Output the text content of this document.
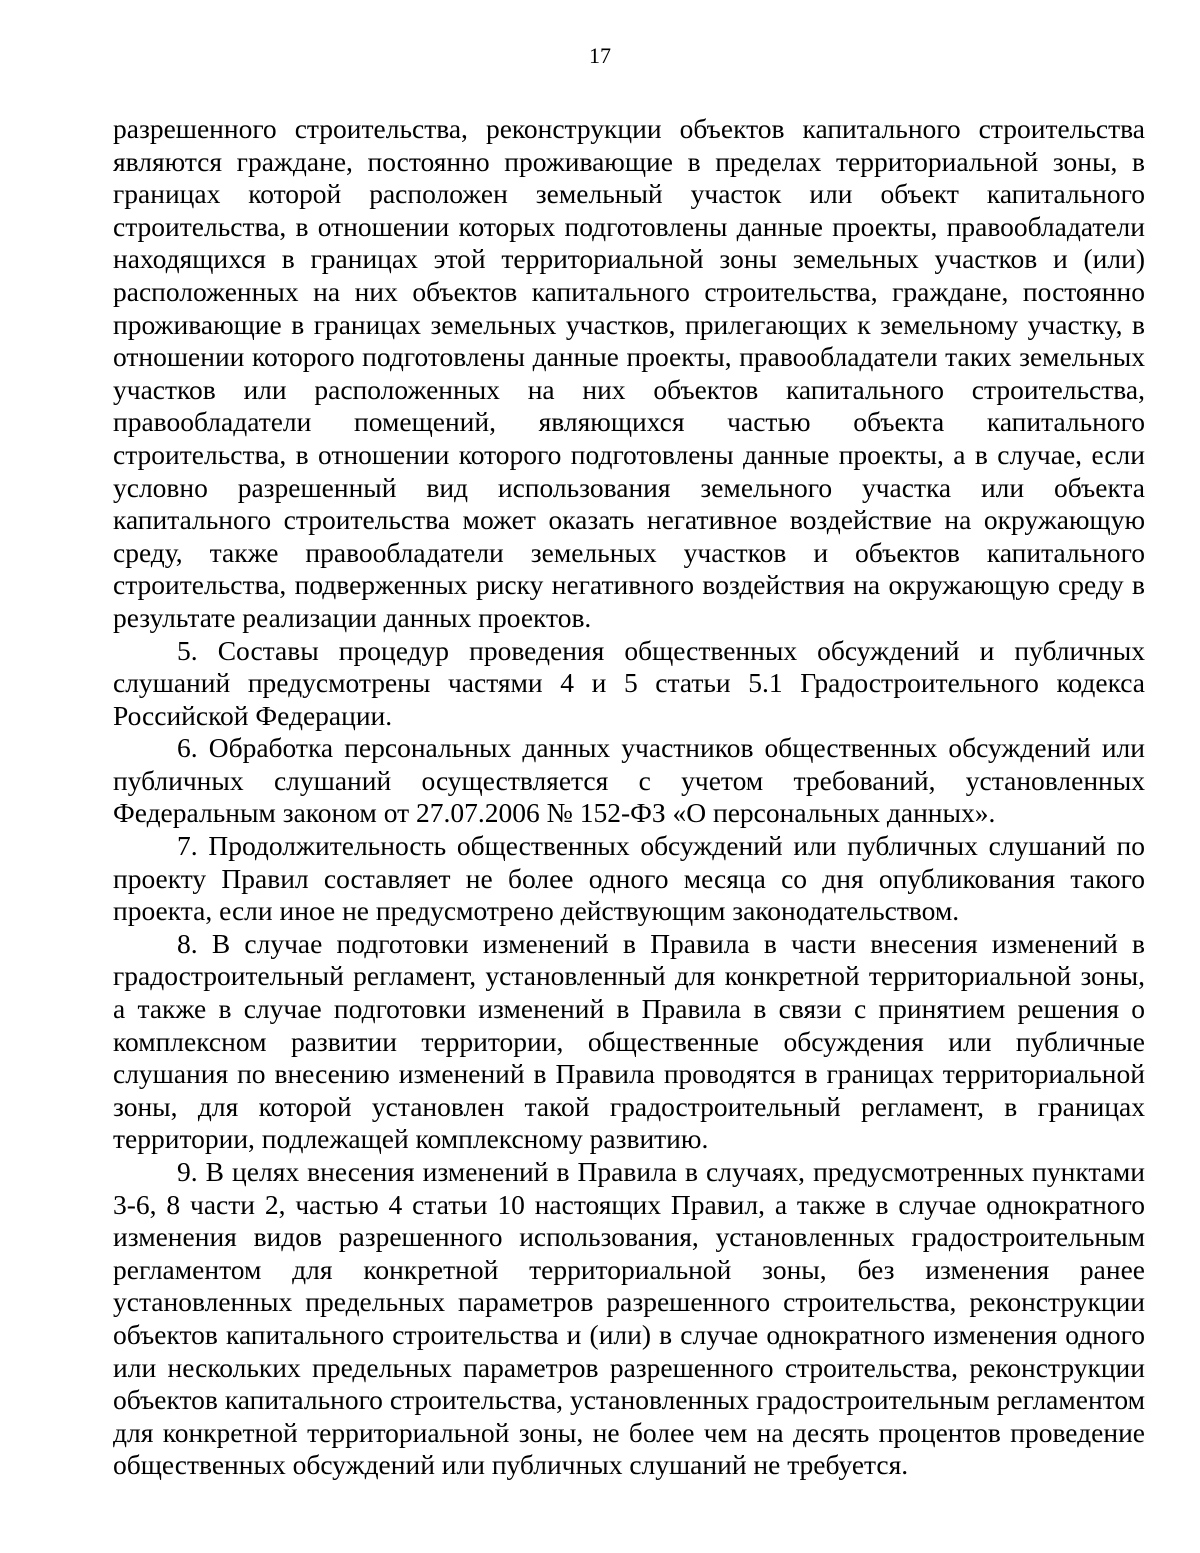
17

разрешенного строительства, реконструкции объектов капитального строительства являются граждане, постоянно проживающие в пределах территориальной зоны, в границах которой расположен земельный участок или объект капитального строительства, в отношении которых подготовлены данные проекты, правообладатели находящихся в границах этой территориальной зоны земельных участков и (или) расположенных на них объектов капитального строительства, граждане, постоянно проживающие в границах земельных участков, прилегающих к земельному участку, в отношении которого подготовлены данные проекты, правообладатели таких земельных участков или расположенных на них объектов капитального строительства, правообладатели помещений, являющихся частью объекта капитального строительства, в отношении которого подготовлены данные проекты, а в случае, если условно разрешенный вид использования земельного участка или объекта капитального строительства может оказать негативное воздействие на окружающую среду, также правообладатели земельных участков и объектов капитального строительства, подверженных риску негативного воздействия на окружающую среду в результате реализации данных проектов.

5. Составы процедур проведения общественных обсуждений и публичных слушаний предусмотрены частями 4 и 5 статьи 5.1 Градостроительного кодекса Российской Федерации.

6. Обработка персональных данных участников общественных обсуждений или публичных слушаний осуществляется с учетом требований, установленных Федеральным законом от 27.07.2006 № 152-ФЗ «О персональных данных».

7. Продолжительность общественных обсуждений или публичных слушаний по проекту Правил составляет не более одного месяца со дня опубликования такого проекта, если иное не предусмотрено действующим законодательством.

8. В случае подготовки изменений в Правила в части внесения изменений в градостроительный регламент, установленный для конкретной территориальной зоны, а также в случае подготовки изменений в Правила в связи с принятием решения о комплексном развитии территории, общественные обсуждения или публичные слушания по внесению изменений в Правила проводятся в границах территориальной зоны, для которой установлен такой градостроительный регламент, в границах территории, подлежащей комплексному развитию.

9. В целях внесения изменений в Правила в случаях, предусмотренных пунктами 3-6, 8 части 2, частью 4 статьи 10 настоящих Правил, а также в случае однократного изменения видов разрешенного использования, установленных градостроительным регламентом для конкретной территориальной зоны, без изменения ранее установленных предельных параметров разрешенного строительства, реконструкции объектов капитального строительства и (или) в случае однократного изменения одного или нескольких предельных параметров разрешенного строительства, реконструкции объектов капитального строительства, установленных градостроительным регламентом для конкретной территориальной зоны, не более чем на десять процентов проведение общественных обсуждений или публичных слушаний не требуется.
